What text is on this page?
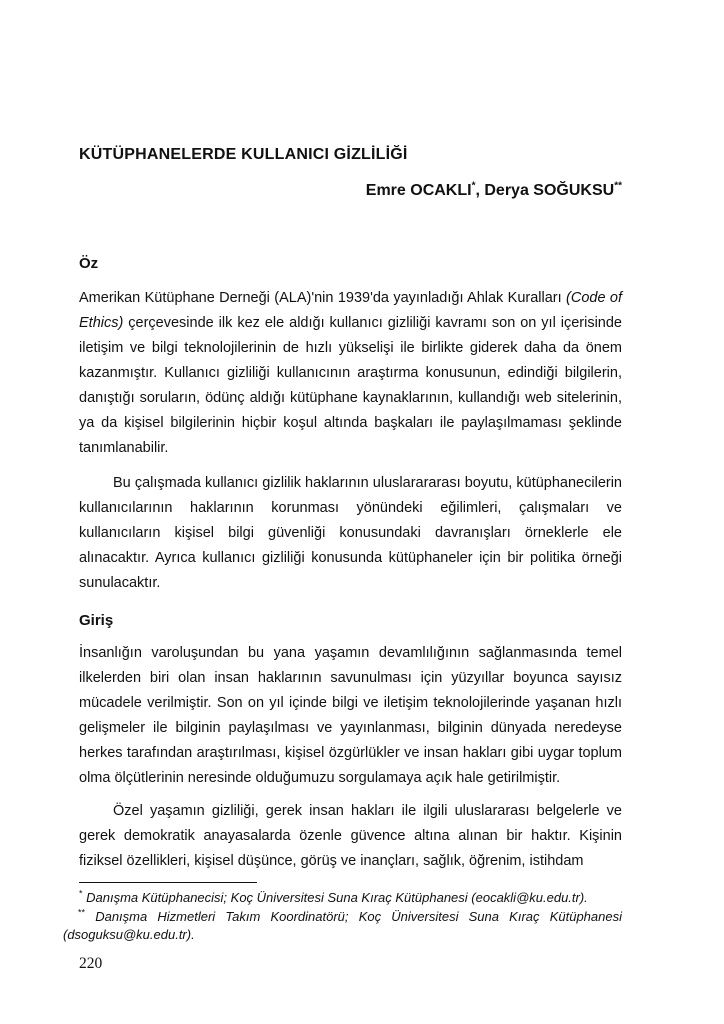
KÜTÜPHANELERDE KULLANICI GİZLİLİĞİ
Emre OCAKLI*, Derya SOĞUKSU**
Öz

Amerikan Kütüphane Derneği (ALA)'nin 1939'da yayınladığı Ahlak Kuralları (Code of Ethics) çerçevesinde ilk kez ele aldığı kullanıcı gizliliği kavramı son on yıl içerisinde iletişim ve bilgi teknolojilerinin de hızlı yükselişi ile birlikte giderek daha da önem kazanmıştır. Kullanıcı gizliliği kullanıcının araştırma konusunun, edindiği bilgilerin, danıştığı soruların, ödünç aldığı kütüphane kaynaklarının, kullandığı web sitelerinin, ya da kişisel bilgilerinin hiçbir koşul altında başkaları ile paylaşılmaması şeklinde tanımlanabilir.

Bu çalışmada kullanıcı gizlilik haklarının uluslarararası boyutu, kütüphanecilerin kullanıcılarının haklarının korunması yönündeki eğilimleri, çalışmaları ve kullanıcıların kişisel bilgi güvenliği konusundaki davranışları örneklerle ele alınacaktır. Ayrıca kullanıcı gizliliği konusunda kütüphaneler için bir politika örneği sunulacaktır.

Giriş

İnsanlığın varoluşundan bu yana yaşamın devamlılığının sağlanmasında temel ilkelerden biri olan insan haklarının savunulması için yüzyıllar boyunca sayısız mücadele verilmiştir. Son on yıl içinde bilgi ve iletişim teknolojilerinde yaşanan hızlı gelişmeler ile bilginin paylaşılması ve yayınlanması, bilginin dünyada neredeyse herkes tarafından araştırılması, kişisel özgürlükler ve insan hakları gibi uygar toplum olma ölçütlerinin neresinde olduğumuzu sorgulamaya açık hale getirilmiştir.

Özel yaşamın gizliliği, gerek insan hakları ile ilgili uluslararası belgelerle ve gerek demokratik anayasalarda özenle güvence altına alınan bir haktır. Kişinin fiziksel özellikleri, kişisel düşünce, görüş ve inançları, sağlık, öğrenim, istihdam

* Danışma Kütüphanecisi; Koç Üniversitesi Suna Kıraç Kütüphanesi (eocakli@ku.edu.tr).
** Danışma Hizmetleri Takım Koordinatörü; Koç Üniversitesi Suna Kıraç Kütüphanesi (dsoguksu@ku.edu.tr).
220
